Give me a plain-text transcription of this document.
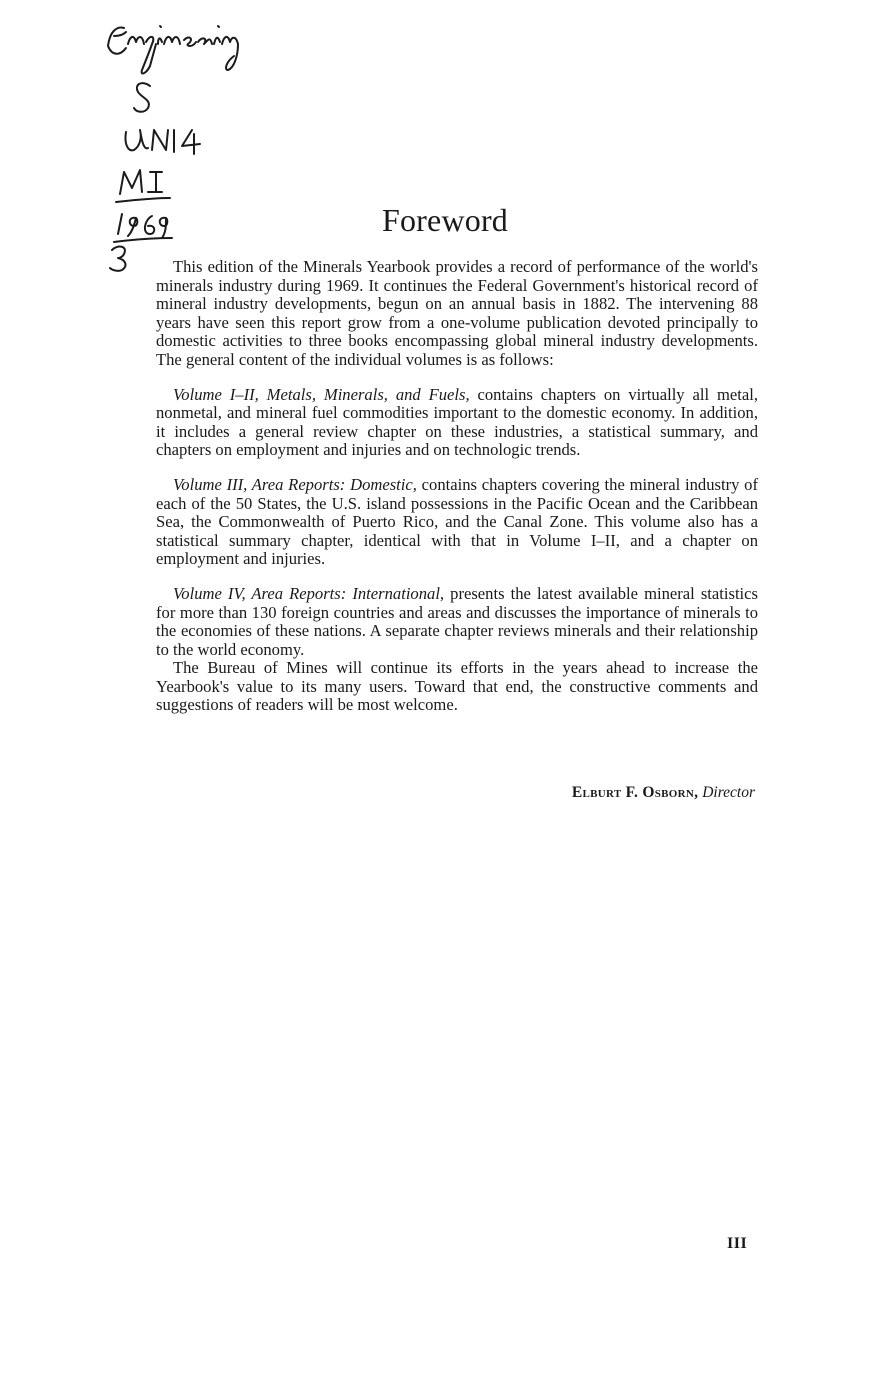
Foreword

This edition of the Minerals Yearbook provides a record of performance of the world's minerals industry during 1969. It continues the Federal Government's historical record of mineral industry developments, begun on an annual basis in 1882. The intervening 88 years have seen this report grow from a one-volume publication devoted principally to domestic activities to three books encompassing global mineral industry developments. The general content of the individual volumes is as follows:

Volume I–II, Metals, Minerals, and Fuels, contains chapters on virtually all metal, nonmetal, and mineral fuel commodities important to the domestic economy. In addition, it includes a general review chapter on these industries, a statistical summary, and chapters on employment and injuries and on technologic trends.

Volume III, Area Reports: Domestic, contains chapters covering the mineral industry of each of the 50 States, the U.S. island possessions in the Pacific Ocean and the Caribbean Sea, the Commonwealth of Puerto Rico, and the Canal Zone. This volume also has a statistical summary chapter, identical with that in Volume I–II, and a chapter on employment and injuries.

Volume IV, Area Reports: International, presents the latest available mineral statistics for more than 130 foreign countries and areas and discusses the importance of minerals to the economies of these nations. A separate chapter reviews minerals and their relationship to the world economy.

The Bureau of Mines will continue its efforts in the years ahead to increase the Yearbook's value to its many users. Toward that end, the constructive comments and suggestions of readers will be most welcome.

Elburt F. Osborn, Director
III
